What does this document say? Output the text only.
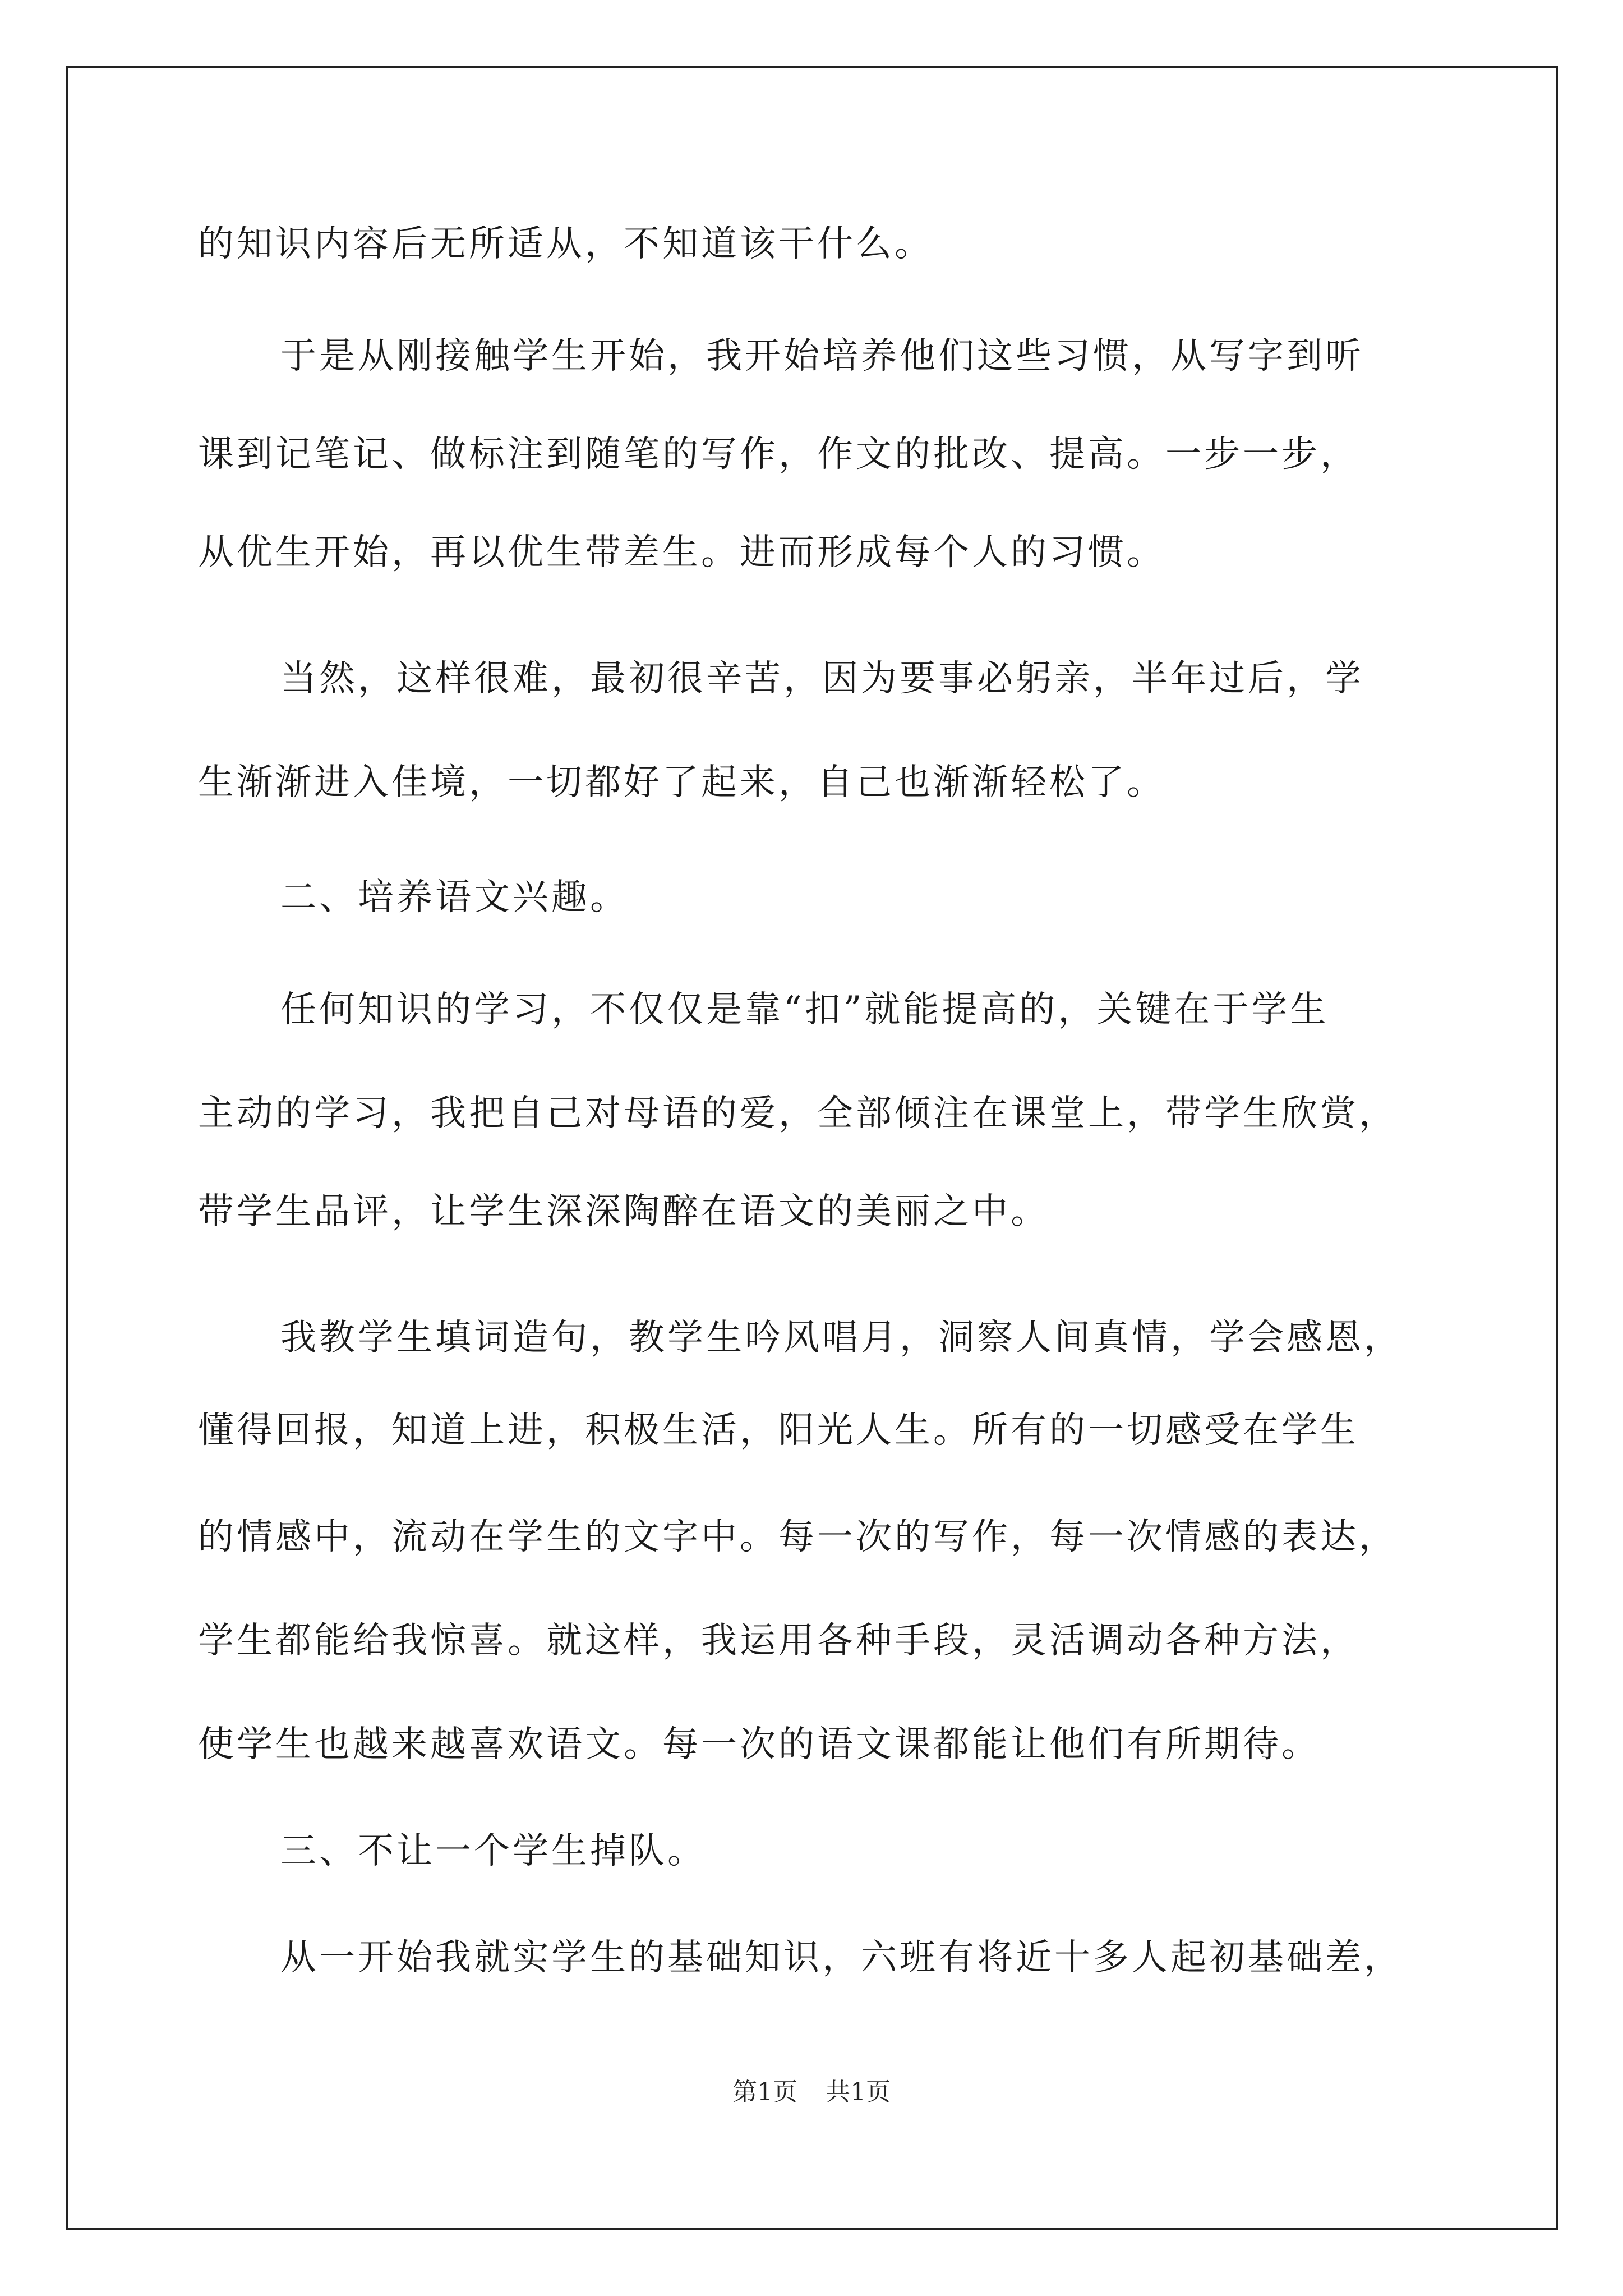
的知识内容后无所适从，不知道该干什么。
于是从刚接触学生开始，我开始培养他们这些习惯，从写字到听
课到记笔记、做标注到随笔的写作，作文的批改、提高。一步一步，
从优生开始，再以优生带差生。进而形成每个人的习惯。
当然，这样很难，最初很辛苦，因为要事必躬亲，半年过后，学
生渐渐进入佳境，一切都好了起来，自己也渐渐轻松了。
二、培养语文兴趣。
任何知识的学习，不仅仅是靠“扣”就能提高的，关键在于学生
主动的学习，我把自己对母语的爱，全部倾注在课堂上，带学生欣赏，
带学生品评，让学生深深陶醉在语文的美丽之中。
我教学生填词造句，教学生吟风唱月，洞察人间真情，学会感恩，
懂得回报，知道上进，积极生活，阳光人生。所有的一切感受在学生
的情感中，流动在学生的文字中。每一次的写作，每一次情感的表达，
学生都能给我惊喜。就这样，我运用各种手段，灵活调动各种方法，
使学生也越来越喜欢语文。每一次的语文课都能让他们有所期待。
三、不让一个学生掉队。
从一开始我就实学生的基础知识，六班有将近十多人起初基础差，
第1页 共1页
